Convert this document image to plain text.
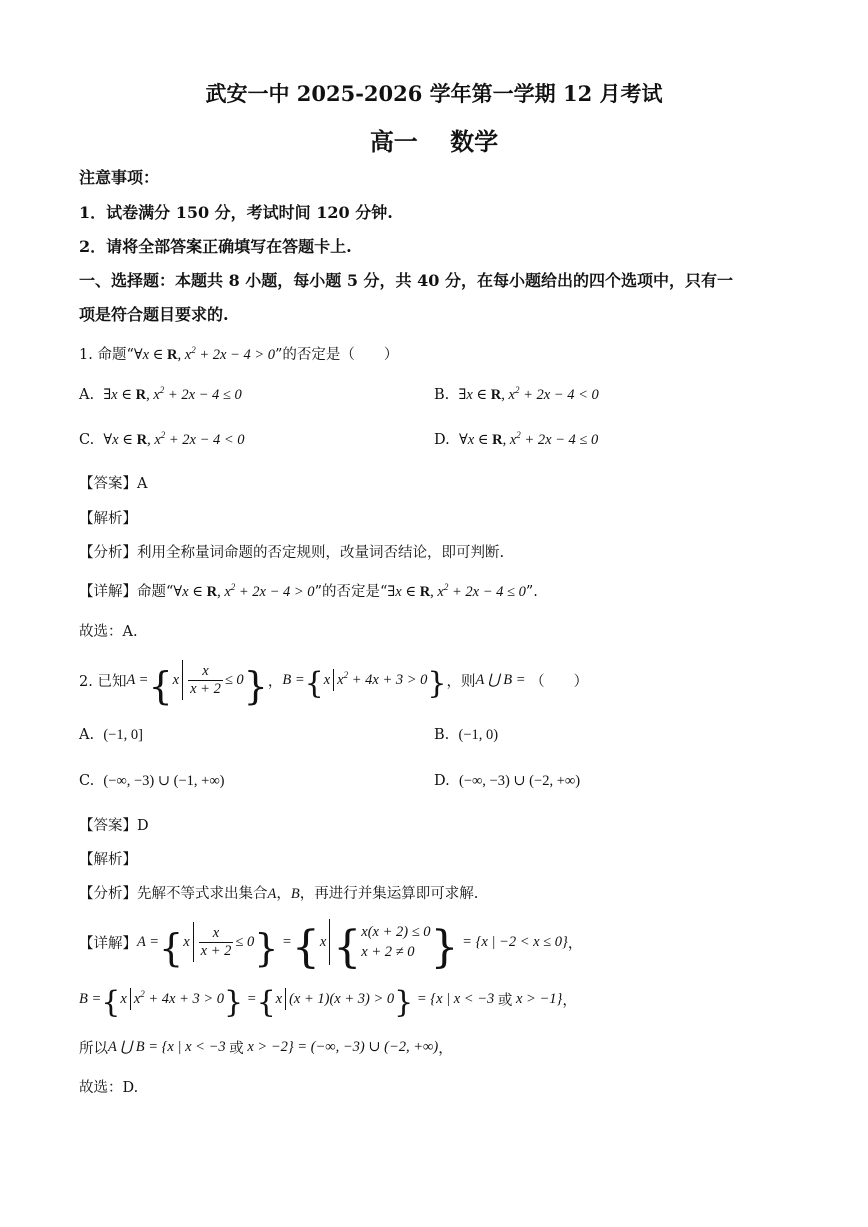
武安一中 2025-2026 学年第一学期 12 月考试
高一　 数学
注意事项：
1．试卷满分 150 分，考试时间 120 分钟.
2．请将全部答案正确填写在答题卡上.
一、选择题：本题共 8 小题，每小题 5 分，共 40 分，在每小题给出的四个选项中，只有一
项是符合题目要求的.
1. 命题“∀x ∈ R, $x^2 + 2x - 4 > 0$”的否定是（　　）
A. ∃x ∈ R, $x^2 + 2x - 4 \le 0$	B. ∃x ∈ R, $x^2 + 2x - 4 < 0$
C. ∀x ∈ R, $x^2 + 2x - 4 < 0$	D. ∀x ∈ R, $x^2 + 2x - 4 \le 0$
【答案】A
【解析】
【分析】利用全称量词命题的否定规则，改量词否结论，即可判断.
【详解】命题“∀x ∈ R, $x^2 + 2x - 4 > 0$”的否定是“∃x ∈ R, $x^2 + 2x - 4 \le 0$”.
故选：A.
2. 已知 A = { x $\frac{x}{x + 2} \le 0$ } ， B = { x $x^2 + 4x + 3 > 0$ } ，则 A ⋃ B =
（　　）
A. (−1, 0]	B. (−1, 0)
C. (−∞, −3) ∪ (−1, +∞)	D. (−∞, −3) ∪ (−2, +∞)
【答案】D
【解析】
【分析】先解不等式求出集合A，B，再进行并集运算即可求解.
【详解】 A = { x $\frac{x}{x + 2} \le 0$ } = { x { x(x + 2) ≤ 0
x + 2 ≠ 0 } = {x | −2 < x ≤ 0} ，
B = { x $x^2 + 4x + 3 > 0$ } = { x (x + 1)(x + 3) > 0 } = {x | x < −3 或 x > −1} ，
所以 A ⋃ B = {x | x < −3 或 x > −2} = (−∞, −3) ∪ (−2, +∞) ，
故选：D.
